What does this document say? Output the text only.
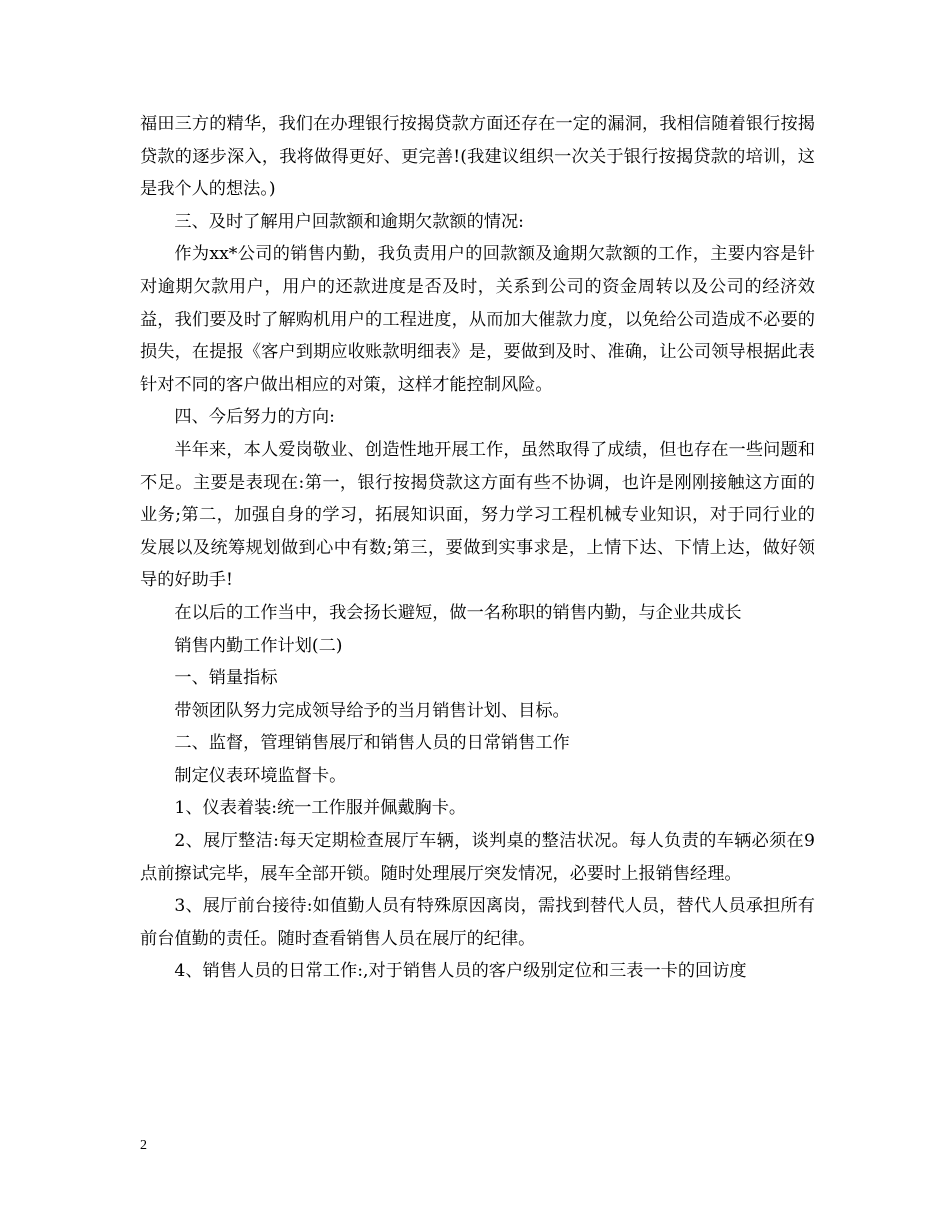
福田三方的精华，我们在办理银行按揭贷款方面还存在一定的漏洞，我相信随着银行按揭贷款的逐步深入，我将做得更好、更完善!(我建议组织一次关于银行按揭贷款的培训，这是我个人的想法。)

三、及时了解用户回款额和逾期欠款额的情况:

作为xx*公司的销售内勤，我负责用户的回款额及逾期欠款额的工作，主要内容是针对逾期欠款用户，用户的还款进度是否及时，关系到公司的资金周转以及公司的经济效益，我们要及时了解购机用户的工程进度，从而加大催款力度，以免给公司造成不必要的损失，在提报《客户到期应收账款明细表》是，要做到及时、准确，让公司领导根据此表针对不同的客户做出相应的对策，这样才能控制风险。

四、今后努力的方向:

半年来，本人爱岗敬业、创造性地开展工作，虽然取得了成绩，但也存在一些问题和不足。主要是表现在:第一，银行按揭贷款这方面有些不协调，也许是刚刚接触这方面的业务;第二，加强自身的学习，拓展知识面，努力学习工程机械专业知识，对于同行业的发展以及统筹规划做到心中有数;第三，要做到实事求是，上情下达、下情上达，做好领导的好助手!

在以后的工作当中，我会扬长避短，做一名称职的销售内勤，与企业共成长

销售内勤工作计划(二)

一、销量指标

带领团队努力完成领导给予的当月销售计划、目标。

二、监督，管理销售展厅和销售人员的日常销售工作

制定仪表环境监督卡。

1、仪表着装:统一工作服并佩戴胸卡。

2、展厅整洁:每天定期检查展厅车辆，谈判桌的整洁状况。每人负责的车辆必须在9点前擦试完毕，展车全部开锁。随时处理展厅突发情况，必要时上报销售经理。

3、展厅前台接待:如值勤人员有特殊原因离岗，需找到替代人员，替代人员承担所有前台值勤的责任。随时查看销售人员在展厅的纪律。

4、销售人员的日常工作:,对于销售人员的客户级别定位和三表一卡的回访度

2
